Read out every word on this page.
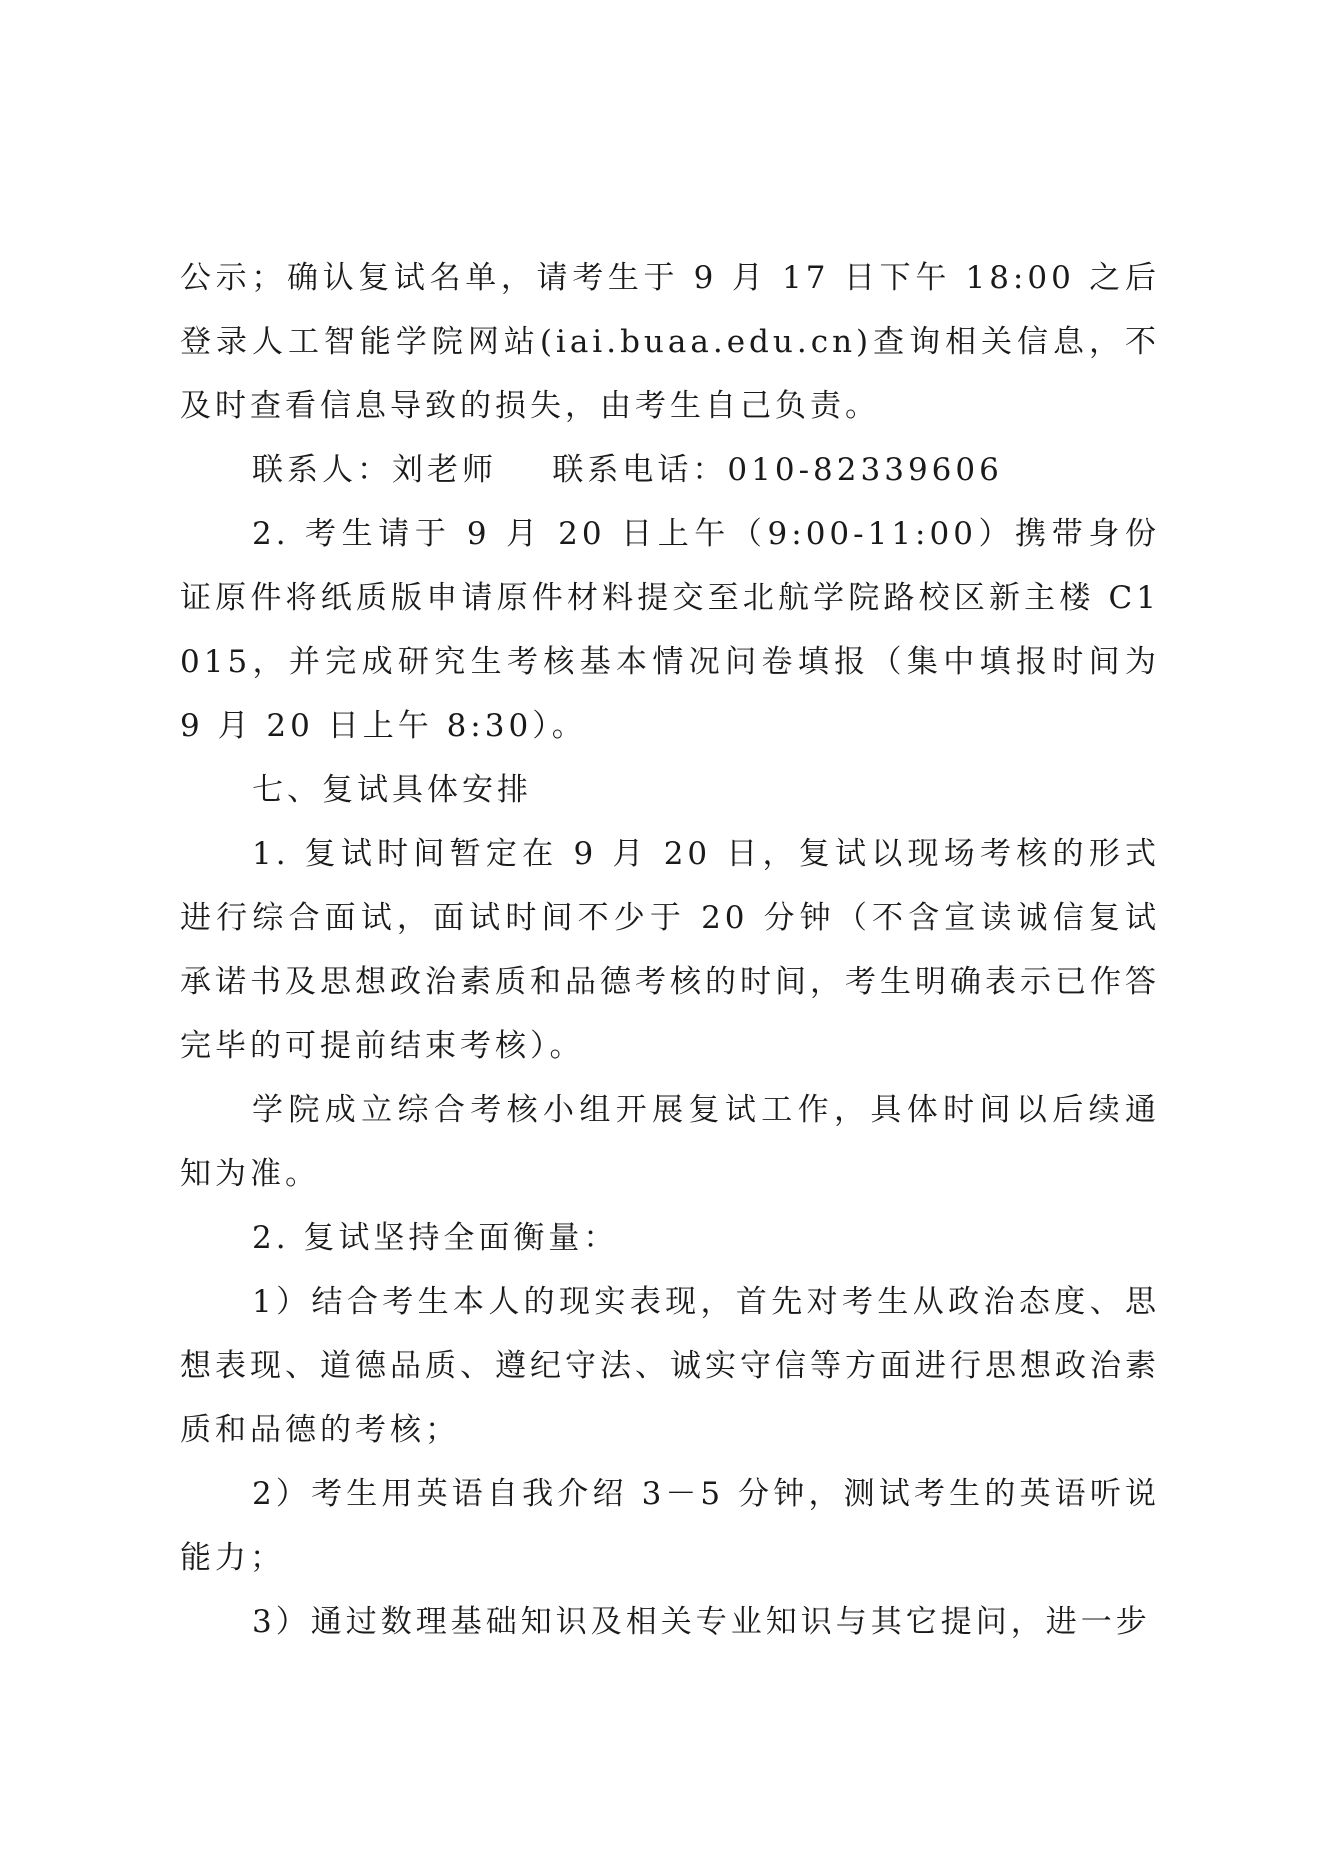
公示；确认复试名单，请考生于 9 月 17 日下午 18:00 之后登录人工智能学院网站(iai.buaa.edu.cn)查询相关信息，不及时查看信息导致的损失，由考生自己负责。

联系人：刘老师    联系电话：010-82339606

2. 考生请于 9 月 20 日上午（9:00-11:00）携带身份证原件将纸质版申请原件材料提交至北航学院路校区新主楼 C1015，并完成研究生考核基本情况问卷填报（集中填报时间为 9 月 20 日上午 8:30）。

七、复试具体安排

1. 复试时间暂定在 9 月 20 日，复试以现场考核的形式进行综合面试，面试时间不少于 20 分钟（不含宣读诚信复试承诺书及思想政治素质和品德考核的时间，考生明确表示已作答完毕的可提前结束考核）。

学院成立综合考核小组开展复试工作，具体时间以后续通知为准。

2. 复试坚持全面衡量：

1）结合考生本人的现实表现，首先对考生从政治态度、思想表现、道德品质、遵纪守法、诚实守信等方面进行思想政治素质和品德的考核；

2）考生用英语自我介绍 3－5 分钟，测试考生的英语听说能力；

3）通过数理基础知识及相关专业知识与其它提问，进一步
